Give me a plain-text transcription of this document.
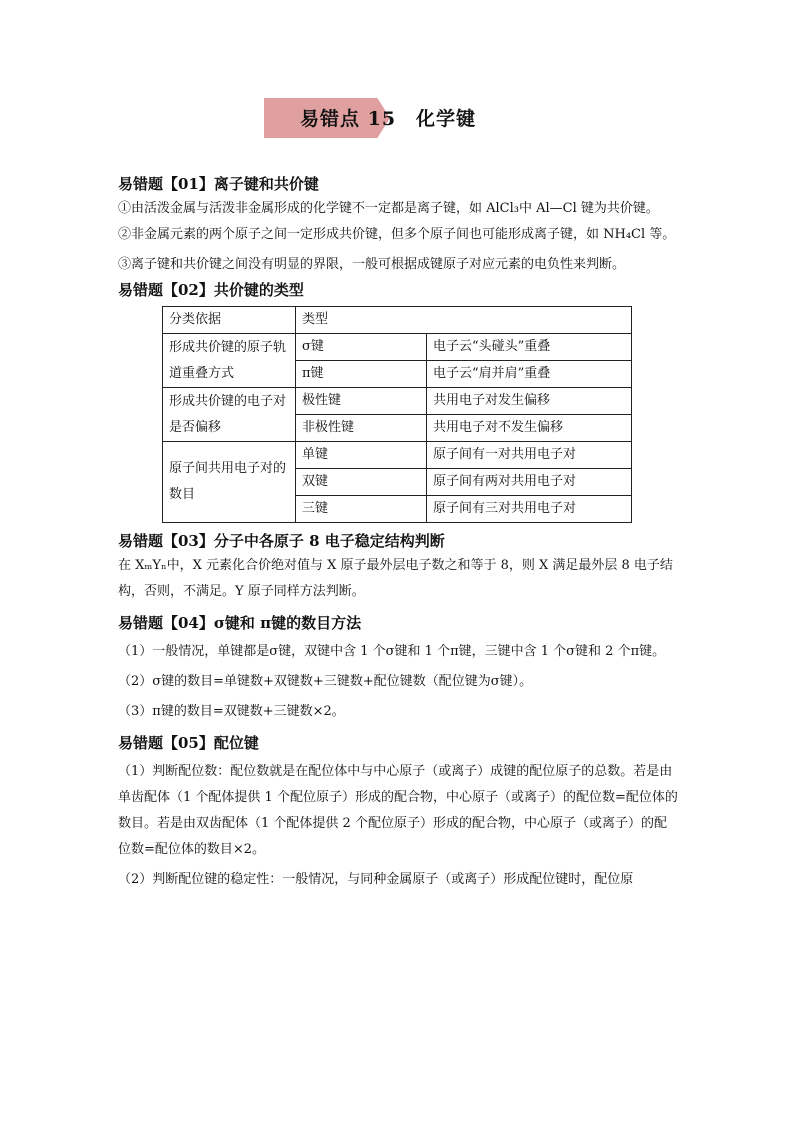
易错点 15　化学键

易错题【01】离子键和共价键

①由活泼金属与活泼非金属形成的化学键不一定都是离子键，如 AlCl₃中 Al—Cl 键为共价键。

②非金属元素的两个原子之间一定形成共价键，但多个原子间也可能形成离子键，如 NH₄Cl 等。

③离子键和共价键之间没有明显的界限，一般可根据成键原子对应元素的电负性来判断。

易错题【02】共价键的类型

分类依据	类型	
形成共价键的原子轨道重叠方式	σ键	电子云“头碰头”重叠
	π键	电子云“肩并肩”重叠
形成共价键的电子对是否偏移	极性键	共用电子对发生偏移
	非极性键	共用电子对不发生偏移
原子间共用电子对的数目	单键	原子间有一对共用电子对
	双键	原子间有两对共用电子对
	三键	原子间有三对共用电子对

易错题【03】分子中各原子 8 电子稳定结构判断

在 XₘYₙ中，X 元素化合价绝对值与 X 原子最外层电子数之和等于 8，则 X 满足最外层 8 电子结构，否则，不满足。Y 原子同样方法判断。

易错题【04】σ键和 π键的数目方法

（1）一般情况，单键都是σ键，双键中含 1 个σ键和 1 个π键，三键中含 1 个σ键和 2 个π键。

（2）σ键的数目=单键数+双键数+三键数+配位键数（配位键为σ键）。

（3）π键的数目=双键数+三键数×2。

易错题【05】配位键

（1）判断配位数：配位数就是在配位体中与中心原子（或离子）成键的配位原子的总数。若是由单齿配体（1 个配体提供 1 个配位原子）形成的配合物，中心原子（或离子）的配位数=配位体的数目。若是由双齿配体（1 个配体提供 2 个配位原子）形成的配合物，中心原子（或离子）的配位数=配位体的数目×2。

（2）判断配位键的稳定性：一般情况，与同种金属原子（或离子）形成配位键时，配位原
